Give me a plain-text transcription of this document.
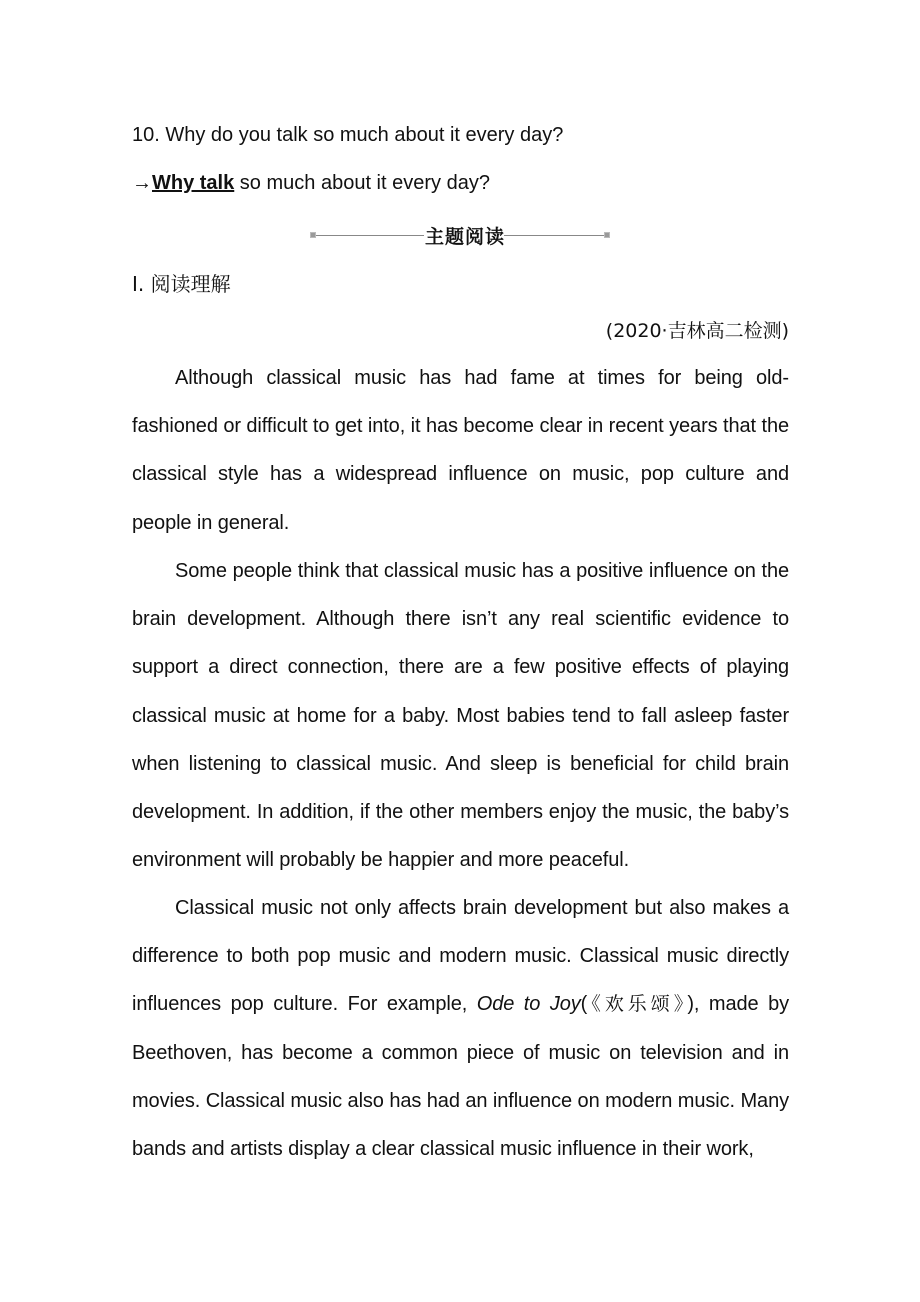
10. Why do you talk so much about it every day?
→Why talk so much about it every day?
主题阅读
Ⅰ. 阅读理解
(2020·吉林高二检测)

Although classical music has had fame at times for being old-fashioned or difficult to get into, it has become clear in recent years that the classical style has a widespread influence on music, pop culture and people in general.

Some people think that classical music has a positive influence on the brain development. Although there isn’t any real scientific evidence to support a direct connection, there are a few positive effects of playing classical music at home for a baby. Most babies tend to fall asleep faster when listening to classical music. And sleep is beneficial for child brain development. In addition, if the other members enjoy the music, the baby’s environment will probably be happier and more peaceful.

Classical music not only affects brain development but also makes a difference to both pop music and modern music. Classical music directly influences pop culture. For example, Ode to Joy(《欢乐颂》), made by Beethoven, has become a common piece of music on television and in movies. Classical music also has had an influence on modern music. Many bands and artists display a clear classical music influence in their work,
